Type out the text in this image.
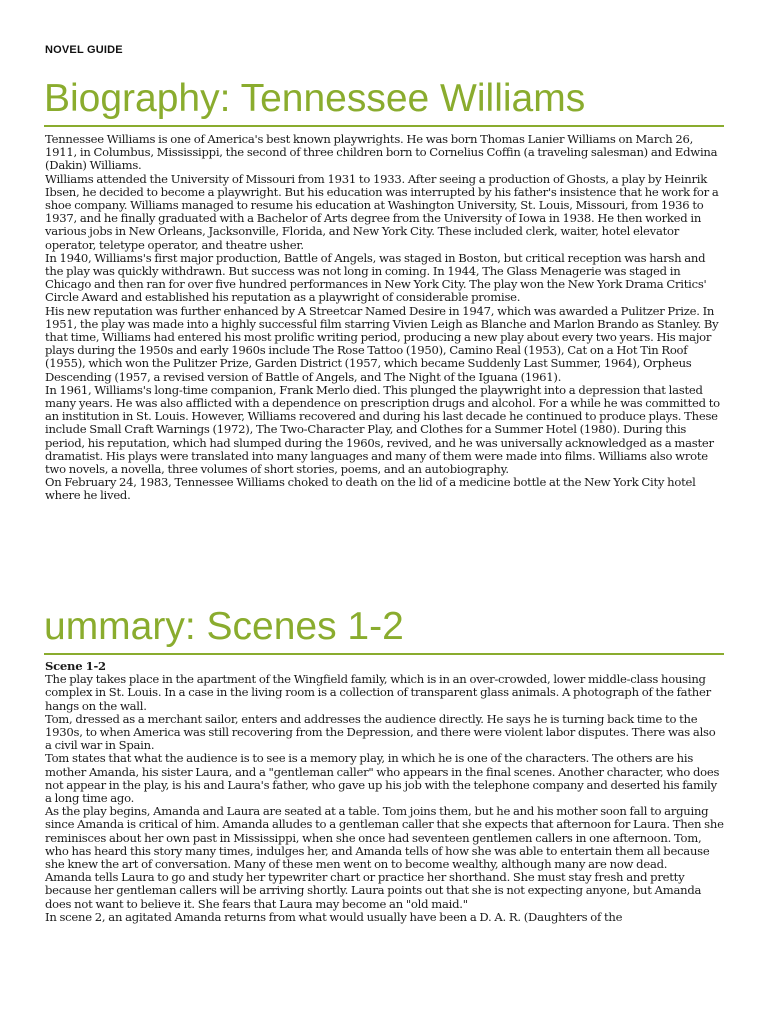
NOVEL GUIDE
Biography: Tennessee Williams

Tennessee Williams is one of America's best known playwrights. He was born Thomas Lanier Williams on March 26, 1911, in Columbus, Mississippi, the second of three children born to Cornelius Coffin (a traveling salesman) and Edwina (Dakin) Williams.

Williams attended the University of Missouri from 1931 to 1933. After seeing a production of Ghosts, a play by Heinrik Ibsen, he decided to become a playwright. But his education was interrupted by his father's insistence that he work for a shoe company. Williams managed to resume his education at Washington University, St. Louis, Missouri, from 1936 to 1937, and he finally graduated with a Bachelor of Arts degree from the University of Iowa in 1938. He then worked in various jobs in New Orleans, Jacksonville, Florida, and New York City. These included clerk, waiter, hotel elevator operator, teletype operator, and theatre usher.

In 1940, Williams's first major production, Battle of Angels, was staged in Boston, but critical reception was harsh and the play was quickly withdrawn. But success was not long in coming. In 1944, The Glass Menagerie was staged in Chicago and then ran for over five hundred performances in New York City. The play won the New York Drama Critics' Circle Award and established his reputation as a playwright of considerable promise.

His new reputation was further enhanced by A Streetcar Named Desire in 1947, which was awarded a Pulitzer Prize. In 1951, the play was made into a highly successful film starring Vivien Leigh as Blanche and Marlon Brando as Stanley. By that time, Williams had entered his most prolific writing period, producing a new play about every two years. His major plays during the 1950s and early 1960s include The Rose Tattoo (1950), Camino Real (1953), Cat on a Hot Tin Roof (1955), which won the Pulitzer Prize, Garden District (1957, which became Suddenly Last Summer, 1964), Orpheus Descending (1957, a revised version of Battle of Angels, and The Night of the Iguana (1961).

In 1961, Williams's long-time companion, Frank Merlo died. This plunged the playwright into a depression that lasted many years. He was also afflicted with a dependence on prescription drugs and alcohol. For a while he was committed to an institution in St. Louis. However, Williams recovered and during his last decade he continued to produce plays. These include Small Craft Warnings (1972), The Two-Character Play, and Clothes for a Summer Hotel (1980). During this period, his reputation, which had slumped during the 1960s, revived, and he was universally acknowledged as a master dramatist. His plays were translated into many languages and many of them were made into films. Williams also wrote two novels, a novella, three volumes of short stories, poems, and an autobiography.

On February 24, 1983, Tennessee Williams choked to death on the lid of a medicine bottle at the New York City hotel where he lived.

ummary: Scenes 1-2

Scene 1-2

The play takes place in the apartment of the Wingfield family, which is in an over-crowded, lower middle-class housing complex in St. Louis. In a case in the living room is a collection of transparent glass animals. A photograph of the father hangs on the wall.

Tom, dressed as a merchant sailor, enters and addresses the audience directly. He says he is turning back time to the 1930s, to when America was still recovering from the Depression, and there were violent labor disputes. There was also a civil war in Spain.

Tom states that what the audience is to see is a memory play, in which he is one of the characters. The others are his mother Amanda, his sister Laura, and a "gentleman caller" who appears in the final scenes. Another character, who does not appear in the play, is his and Laura's father, who gave up his job with the telephone company and deserted his family a long time ago.

As the play begins, Amanda and Laura are seated at a table. Tom joins them, but he and his mother soon fall to arguing since Amanda is critical of him. Amanda alludes to a gentleman caller that she expects that afternoon for Laura. Then she reminisces about her own past in Mississippi, when she once had seventeen gentlemen callers in one afternoon. Tom, who has heard this story many times, indulges her, and Amanda tells of how she was able to entertain them all because she knew the art of conversation. Many of these men went on to become wealthy, although many are now dead.

Amanda tells Laura to go and study her typewriter chart or practice her shorthand. She must stay fresh and pretty because her gentleman callers will be arriving shortly. Laura points out that she is not expecting anyone, but Amanda does not want to believe it. She fears that Laura may become an "old maid."

In scene 2, an agitated Amanda returns from what would usually have been a D. A. R. (Daughters of the
